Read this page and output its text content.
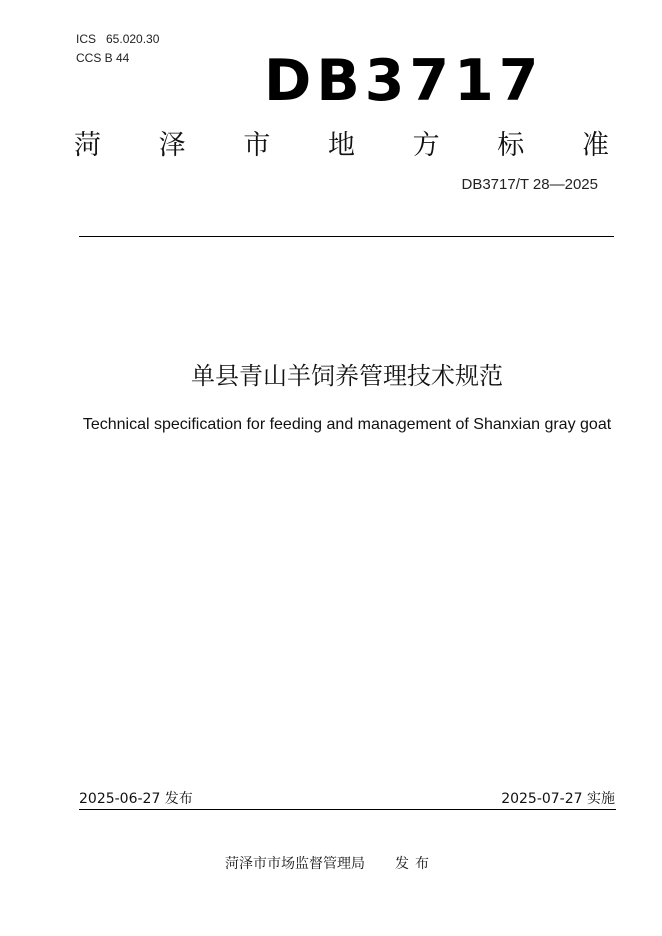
ICS   65.020.30
CCS B 44 DB3717
菏 泽 市 地 方 标 准
DB3717/T 28—2025
单县青山羊饲养管理技术规范
Technical specification for feeding and management of Shanxian gray goat
2025-06-27 发布	2025-07-27 实施
菏泽市市场监督管理局 发布
